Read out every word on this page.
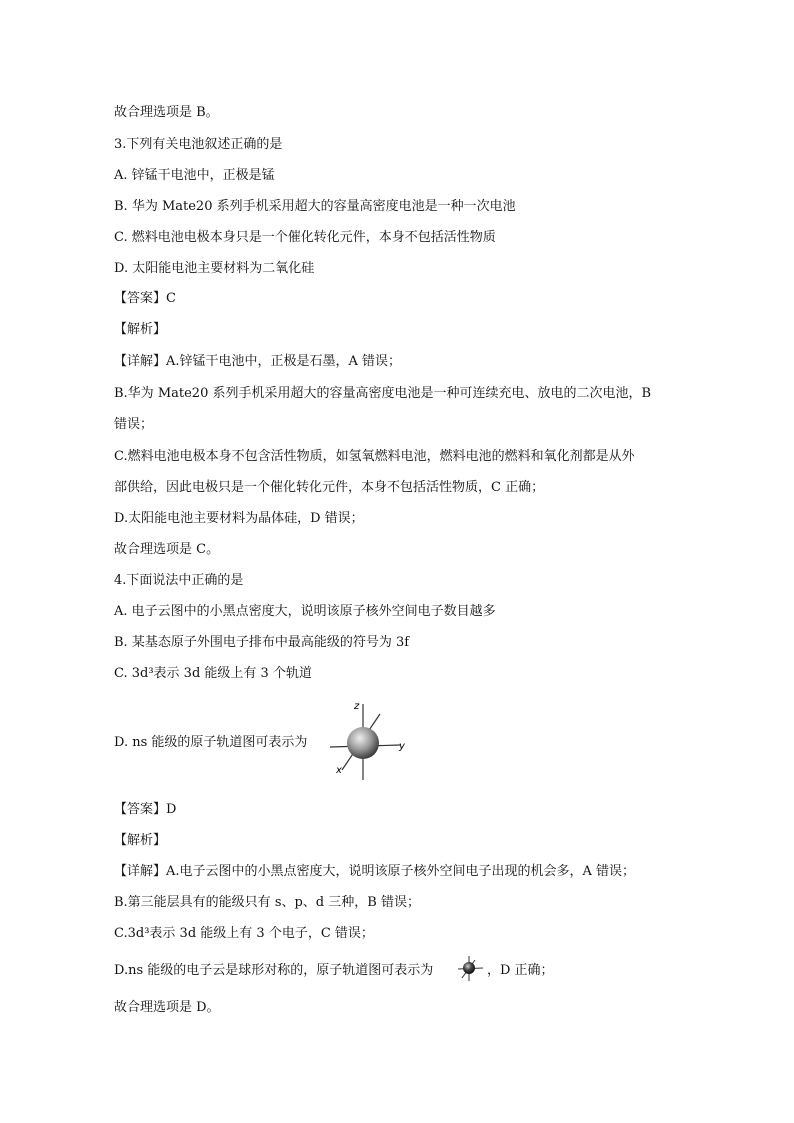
故合理选项是 B。
3.下列有关电池叙述正确的是
A. 锌锰干电池中，正极是锰
B. 华为 Mate20 系列手机采用超大的容量高密度电池是一种一次电池
C. 燃料电池电极本身只是一个催化转化元件，本身不包括活性物质
D. 太阳能电池主要材料为二氧化硅
【答案】C
【解析】
【详解】A.锌锰干电池中，正极是石墨，A 错误；
B.华为 Mate20 系列手机采用超大的容量高密度电池是一种可连续充电、放电的二次电池，B
错误；
C.燃料电池电极本身不包含活性物质，如氢氧燃料电池，燃料电池的燃料和氧化剂都是从外
部供给，因此电极只是一个催化转化元件，本身不包括活性物质，C 正确；
D.太阳能电池主要材料为晶体硅，D 错误；
故合理选项是 C。
4.下面说法中正确的是
A. 电子云图中的小黑点密度大，说明该原子核外空间电子数目越多
B. 某基态原子外围电子排布中最高能级的符号为 3f
C. 3d³表示 3d 能级上有 3 个轨道
D. ns 能级的原子轨道图可表示为
z
y
x
【答案】D
【解析】
【详解】A.电子云图中的小黑点密度大，说明该原子核外空间电子出现的机会多，A 错误；
B.第三能层具有的能级只有 s、p、d 三种，B 错误；
C.3d³表示 3d 能级上有 3 个电子，C 错误；
D.ns 能级的电子云是球形对称的，原子轨道图可表示为	，D 正确；
故合理选项是 D。
